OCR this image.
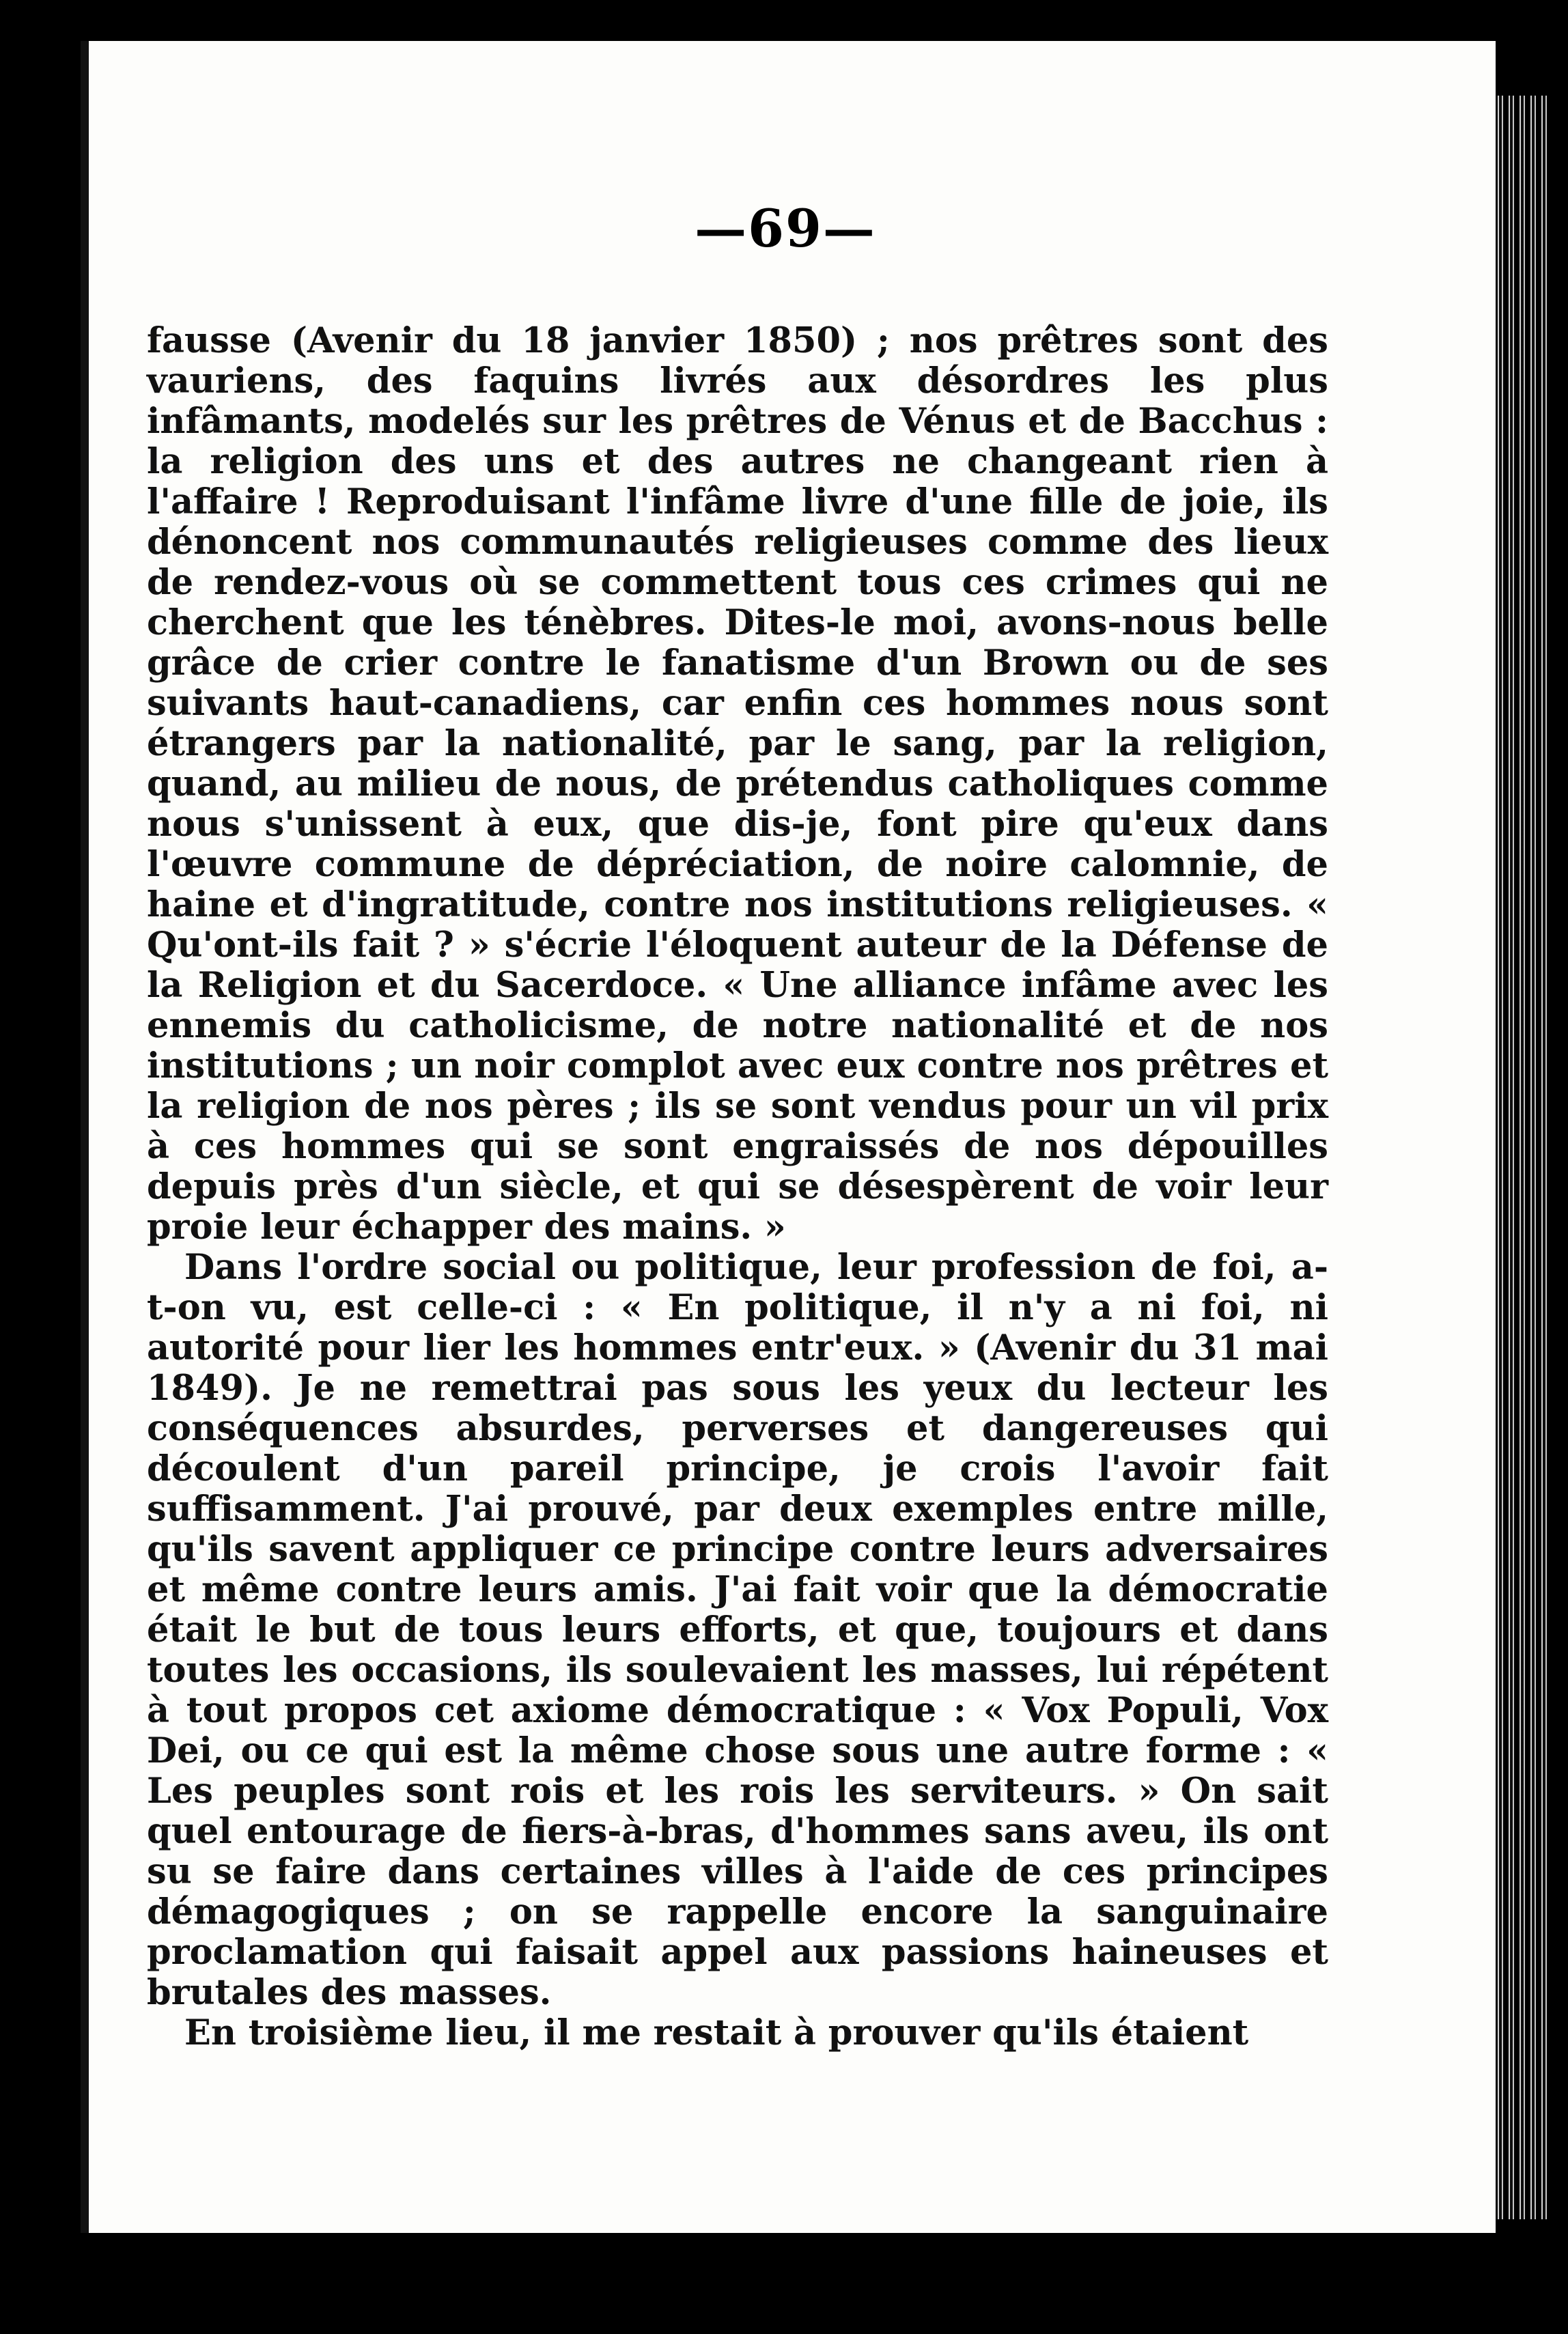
—69—

fausse (Avenir du 18 janvier 1850) ; nos prêtres sont des vauriens, des faquins livrés aux désordres les plus infâmants, modelés sur les prêtres de Vénus et de Bacchus : la religion des uns et des autres ne changeant rien à l'affaire ! Reproduisant l'infâme livre d'une fille de joie, ils dénoncent nos communautés religieuses comme des lieux de rendez-vous où se commettent tous ces crimes qui ne cherchent que les ténèbres. Dites-le moi, avons-nous belle grâce de crier contre le fanatisme d'un Brown ou de ses suivants haut-canadiens, car enfin ces hommes nous sont étrangers par la nationalité, par le sang, par la religion, quand, au milieu de nous, de prétendus catholiques comme nous s'unissent à eux, que dis-je, font pire qu'eux dans l'œuvre commune de dépréciation, de noire calomnie, de haine et d'ingratitude, contre nos institutions religieuses. « Qu'ont-ils fait ? » s'écrie l'éloquent auteur de la Défense de la Religion et du Sacerdoce. « Une alliance infâme avec les ennemis du catholicisme, de notre nationalité et de nos institutions ; un noir complot avec eux contre nos prêtres et la religion de nos pères ; ils se sont vendus pour un vil prix à ces hommes qui se sont engraissés de nos dépouilles depuis près d'un siècle, et qui se désespèrent de voir leur proie leur échapper des mains. »

Dans l'ordre social ou politique, leur profession de foi, a-t-on vu, est celle-ci : « En politique, il n'y a ni foi, ni autorité pour lier les hommes entr'eux. » (Avenir du 31 mai 1849). Je ne remettrai pas sous les yeux du lecteur les conséquences absurdes, perverses et dangereuses qui découlent d'un pareil principe, je crois l'avoir fait suffisamment. J'ai prouvé, par deux exemples entre mille, qu'ils savent appliquer ce principe contre leurs adversaires et même contre leurs amis. J'ai fait voir que la démocratie était le but de tous leurs efforts, et que, toujours et dans toutes les occasions, ils soulevaient les masses, lui répétent à tout propos cet axiome démocratique : « Vox Populi, Vox Dei, ou ce qui est la même chose sous une autre forme : « Les peuples sont rois et les rois les serviteurs. » On sait quel entourage de fiers-à-bras, d'hommes sans aveu, ils ont su se faire dans certaines villes à l'aide de ces principes démagogiques ; on se rappelle encore la sanguinaire proclamation qui faisait appel aux passions haineuses et brutales des masses.

En troisième lieu, il me restait à prouver qu'ils étaient
